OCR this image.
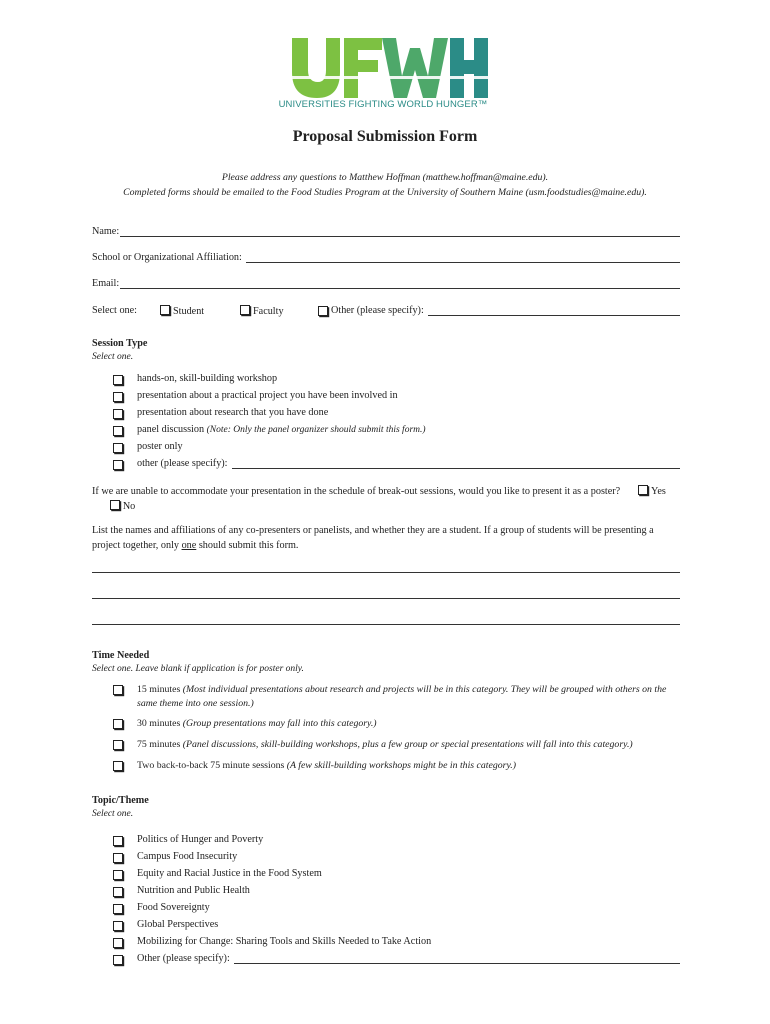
UNIVERSITIES FIGHTING WORLD HUNGER™
Proposal Submission Form
Please address any questions to Matthew Hoffman (matthew.hoffman@maine.edu).
Completed forms should be emailed to the Food Studies Program at the University of Southern Maine (usm.foodstudies@maine.edu).
Name:
School or Organizational Affiliation:
Email:
Select one:	Student	Faculty	Other (please specify):
Session Type
Select one.
hands-on, skill-building workshop
presentation about a practical project you have been involved in
presentation about research that you have done
panel discussion
(Note: Only the panel organizer should submit this form.)
poster only
other (please specify):
If we are unable to accommodate your presentation in the schedule of break-out sessions, would you like to present it as a poster?	Yes        No
List the names and affiliations of any co-presenters or panelists, and whether they are a student. If a group of students will be presenting a project together, only one should submit this form.
Time Needed
Select one. Leave blank if application is for poster only.
15 minutes (Most individual presentations about research and projects will be in this category. They will be grouped with others on the same theme into one session.)
30 minutes (Group presentations may fall into this category.)
75 minutes (Panel discussions, skill-building workshops, plus a few group or special presentations will fall into this category.)
Two back-to-back 75 minute sessions (A few skill-building workshops might be in this category.)
Topic/Theme
Select one.
Politics of Hunger and Poverty
Campus Food Insecurity
Equity and Racial Justice in the Food System
Nutrition and Public Health
Food Sovereignty
Global Perspectives
Mobilizing for Change: Sharing Tools and Skills Needed to Take Action
Other (please specify):
